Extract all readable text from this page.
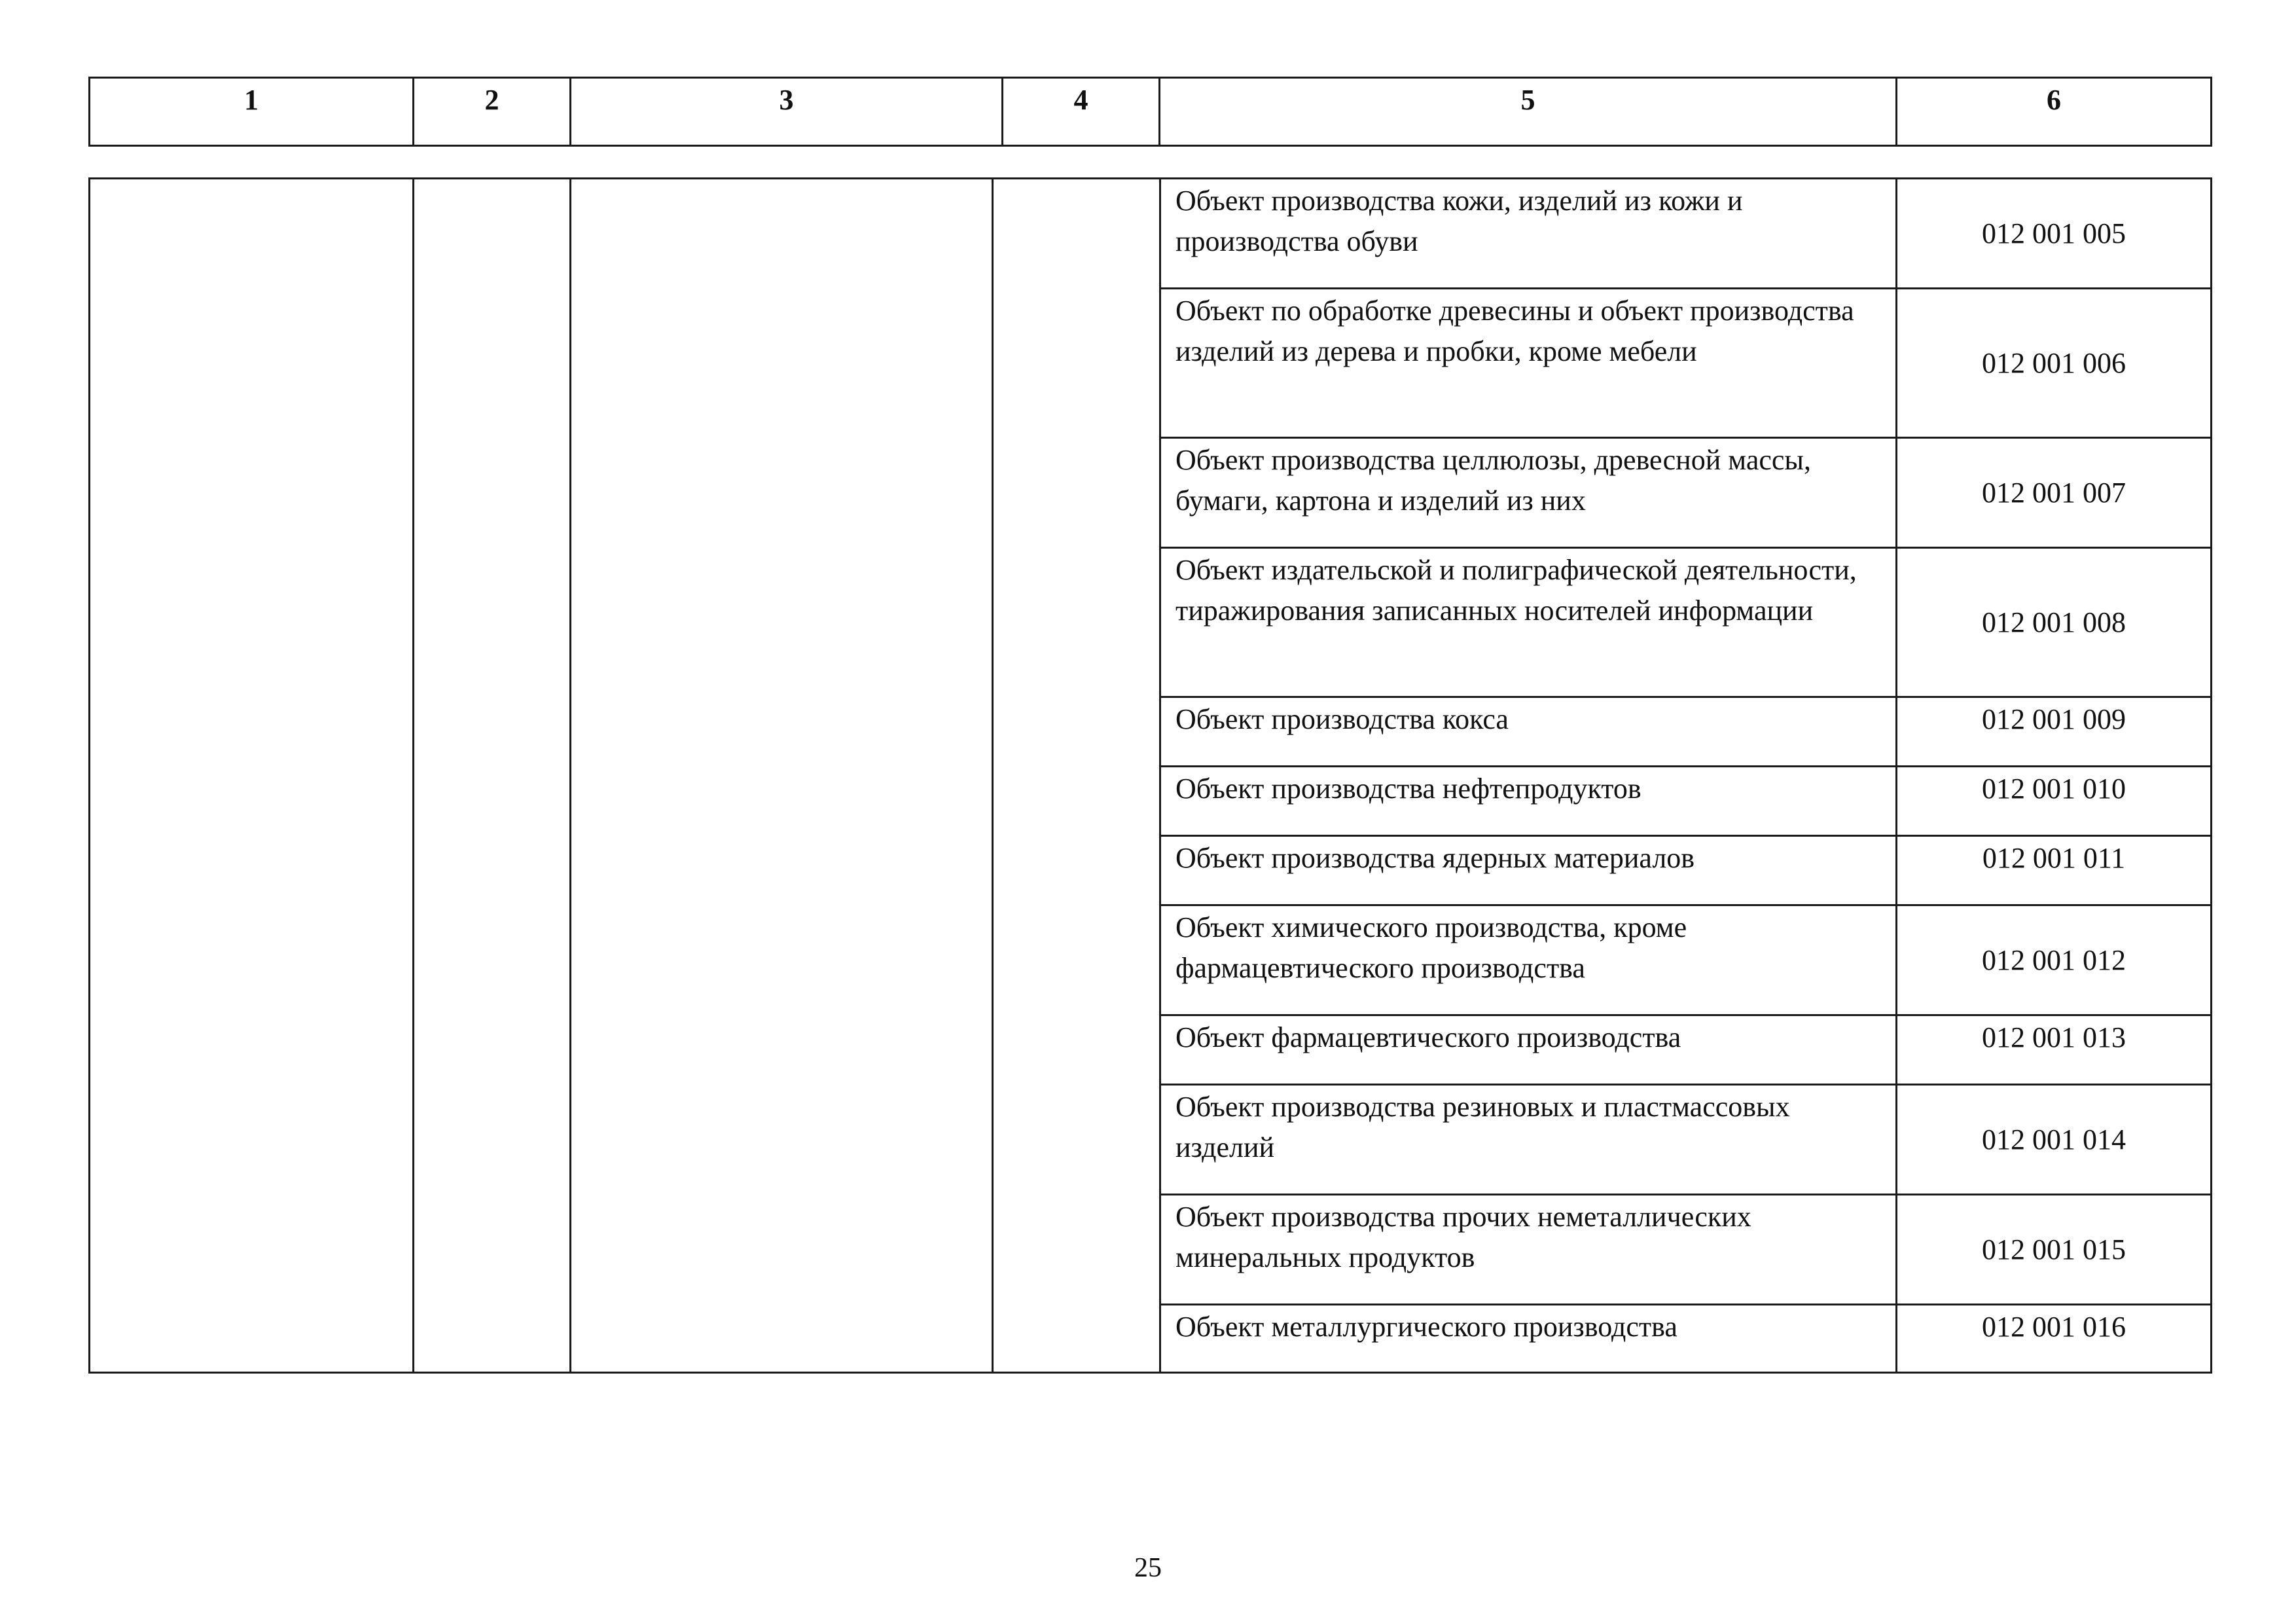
1	2	3	4	5	6
				Объект производства кожи, изделий из кожи и производства обуви	012 001 005
				Объект по обработке древесины и объект производства изделий из дерева и пробки, кроме мебели	012 001 006
				Объект производства целлюлозы, древесной массы, бумаги, картона и изделий из них	012 001 007
				Объект издательской и полиграфической деятельности, тиражирования записанных носителей информации	012 001 008
				Объект производства кокса	012 001 009
				Объект производства нефтепродуктов	012 001 010
				Объект производства ядерных материалов	012 001 011
				Объект химического производства, кроме фармацевтического производства	012 001 012
				Объект фармацевтического производства	012 001 013
				Объект производства резиновых и пластмассовых изделий	012 001 014
				Объект производства прочих неметаллических минеральных продуктов	012 001 015
				Объект металлургического производства	012 001 016
25
